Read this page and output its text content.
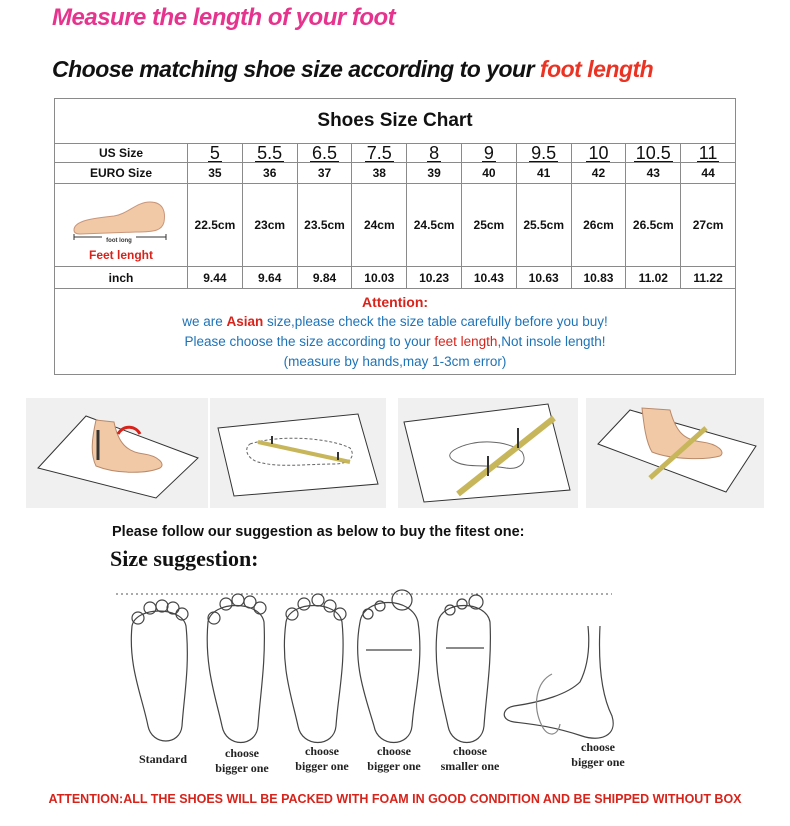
Measure the length of your foot
Choose matching shoe size according to your foot length
Shoes Size Chart
US Size	5 5.5 6.5 7.5 8 9 9.5 10 10.5 11
EURO Size	35	36	37	38	39	40	41	42	43	44
foot long
Feet lenght
22.5cm 23cm 23.5cm 24cm 24.5cm 25cm 25.5cm 26cm 26.5cm 27cm
inch	9.44	9.64	9.84 10.03 10.23 10.43 10.63 10.83 11.02 11.22
Attention:
we are Asian size,please check the size table carefully before you buy!
Please choose the size according to your feet length,Not insole length!
(measure by hands,may 1-3cm error)
Please follow our suggestion as below to buy the fitest one:
Size suggestion:
Standard	choose
bigger one
choose
bigger one
choose
bigger one
choose
smaller one
choose
bigger one
ATTENTION:ALL THE SHOES WILL BE PACKED WITH FOAM IN GOOD CONDITION AND BE SHIPPED WITHOUT BOX
